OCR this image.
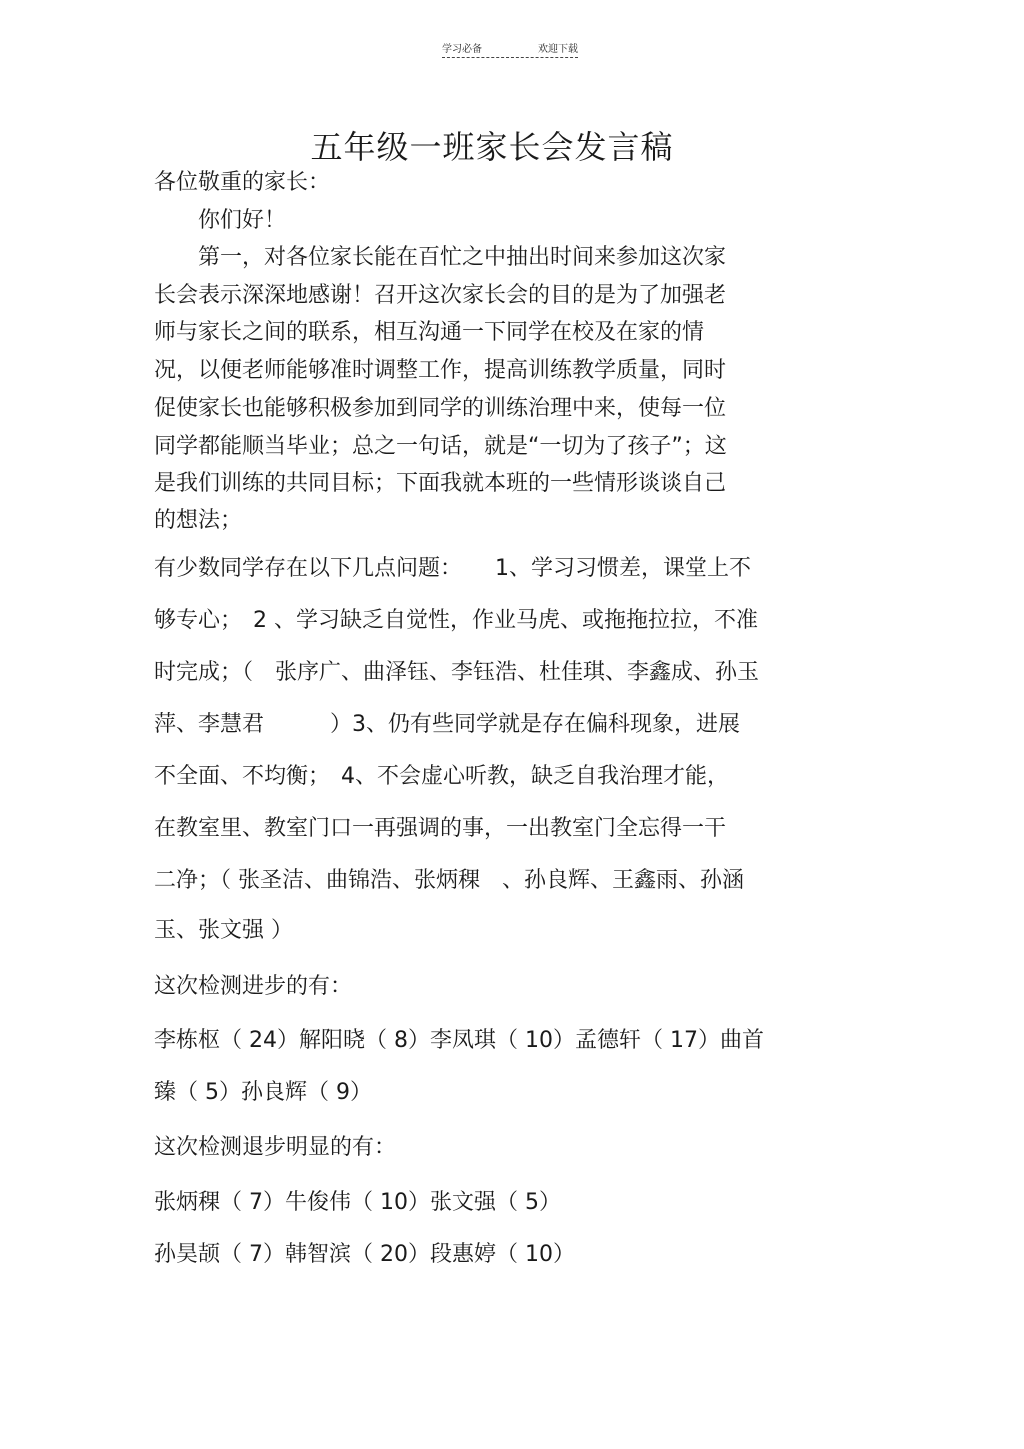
学习必备	欢迎下载
五年级一班家长会发言稿
各位敬重的家长：
　　你们好！
　　第一，对各位家长能在百忙之中抽出时间来参加这次家
长会表示深深地感谢！召开这次家长会的目的是为了加强老
师与家长之间的联系，相互沟通一下同学在校及在家的情
况，以便老师能够准时调整工作，提高训练教学质量，同时
促使家长也能够积极参加到同学的训练治理中来，使每一位
同学都能顺当毕业；总之一句话，就是“一切为了孩子”；这
是我们训练的共同目标；下面我就本班的一些情形谈谈自己
的想法；
有少数同学存在以下几点问题：　　1、学习习惯差，课堂上不
够专心；　2 、学习缺乏自觉性，作业马虎、或拖拖拉拉，不准
时完成；（　张序广、曲泽钰、李钰浩、杜佳琪、李鑫成、孙玉
萍、李慧君　　　）3、仍有些同学就是存在偏科现象，进展
不全面、不均衡；　4、不会虚心听教，缺乏自我治理才能，
在教室里、教室门口一再强调的事，一出教室门全忘得一干
二净；（ 张圣洁、曲锦浩、张炳稞　、孙良辉、王鑫雨、孙涵
玉、张文强 ）
这次检测进步的有：
李栋枢（ 24）解阳晓（ 8）李凤琪（ 10）孟德轩（ 17）曲首
臻（ 5）孙良辉（ 9）
这次检测退步明显的有：
张炳稞（ 7）牛俊伟（ 10）张文强（ 5）
孙昊颉（ 7）韩智滨（ 20）段惠婷（ 10）
